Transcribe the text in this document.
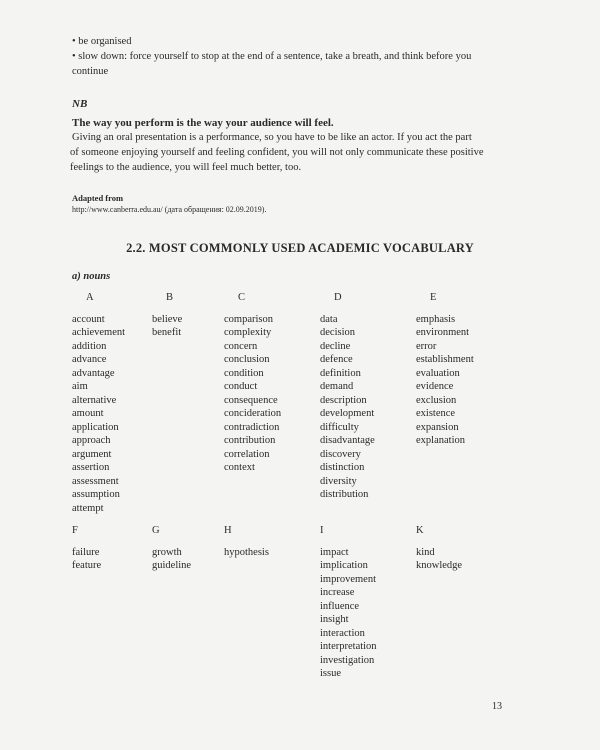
• be organised
• slow down: force yourself to stop at the end of a sentence, take a breath, and think before you
continue
NB
The way you perform is the way your audience will feel.
Giving an oral presentation is a performance, so you have to be like an actor. If you act the part
of someone enjoying yourself and feeling confident, you will not only communicate these positive
feelings to the audience, you will feel much better, too.
Adapted from
http://www.canberra.edu.au/ (дата обращения: 02.09.2019).
2.2. MOST COMMONLY USED ACADEMIC VOCABULARY
a) nouns
A
account
achievement
addition
advance
advantage
aim
alternative
amount
application
approach
argument
assertion
assessment
assumption
attempt
B
believe
benefit
C
comparison
complexity
concern
conclusion
condition
conduct
consequence
concideration
contradiction
contribution
correlation
context
D
data
decision
decline
defence
definition
demand
description
development
difficulty
disadvantage
discovery
distinction
diversity
distribution
E
emphasis
environment
error
establishment
evaluation
evidence
exclusion
existence
expansion
explanation
F
failure
feature
G
growth
guideline
H
hypothesis
I
impact
implication
improvement
increase
influence
insight
interaction
interpretation
investigation
issue
K
kind
knowledge
13
